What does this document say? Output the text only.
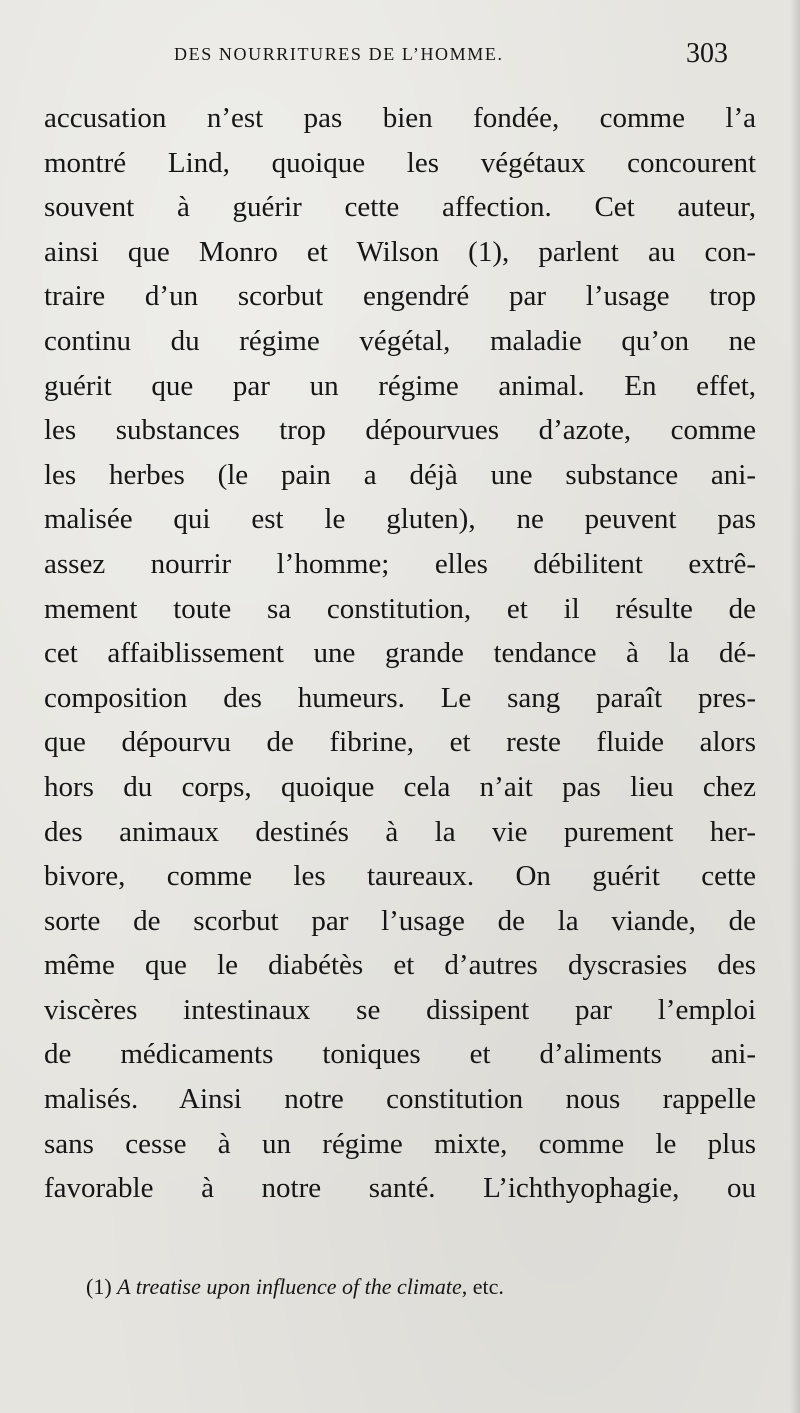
DES NOURRITURES DE L’HOMME.	303
accusation n’est pas bien fondée, comme l’a
montré Lind, quoique les végétaux concourent
souvent à guérir cette affection. Cet auteur,
ainsi que Monro et Wilson (1), parlent au con-
traire d’un scorbut engendré par l’usage trop
continu du régime végétal, maladie qu’on ne
guérit que par un régime animal. En effet,
les substances trop dépourvues d’azote, comme
les herbes (le pain a déjà une substance ani-
malisée qui est le gluten), ne peuvent pas
assez nourrir l’homme; elles débilitent extrê-
mement toute sa constitution, et il résulte de
cet affaiblissement une grande tendance à la dé-
composition des humeurs. Le sang paraît pres-
que dépourvu de fibrine, et reste fluide alors
hors du corps, quoique cela n’ait pas lieu chez
des animaux destinés à la vie purement her-
bivore, comme les taureaux. On guérit cette
sorte de scorbut par l’usage de la viande, de
même que le diabétès et d’autres dyscrasies des
viscères intestinaux se dissipent par l’emploi
de médicaments toniques et d’aliments ani-
malisés. Ainsi notre constitution nous rappelle
sans cesse à un régime mixte, comme le plus
favorable à notre santé. L’ichthyophagie, ou
(1) A treatise upon influence of the climate, etc.
